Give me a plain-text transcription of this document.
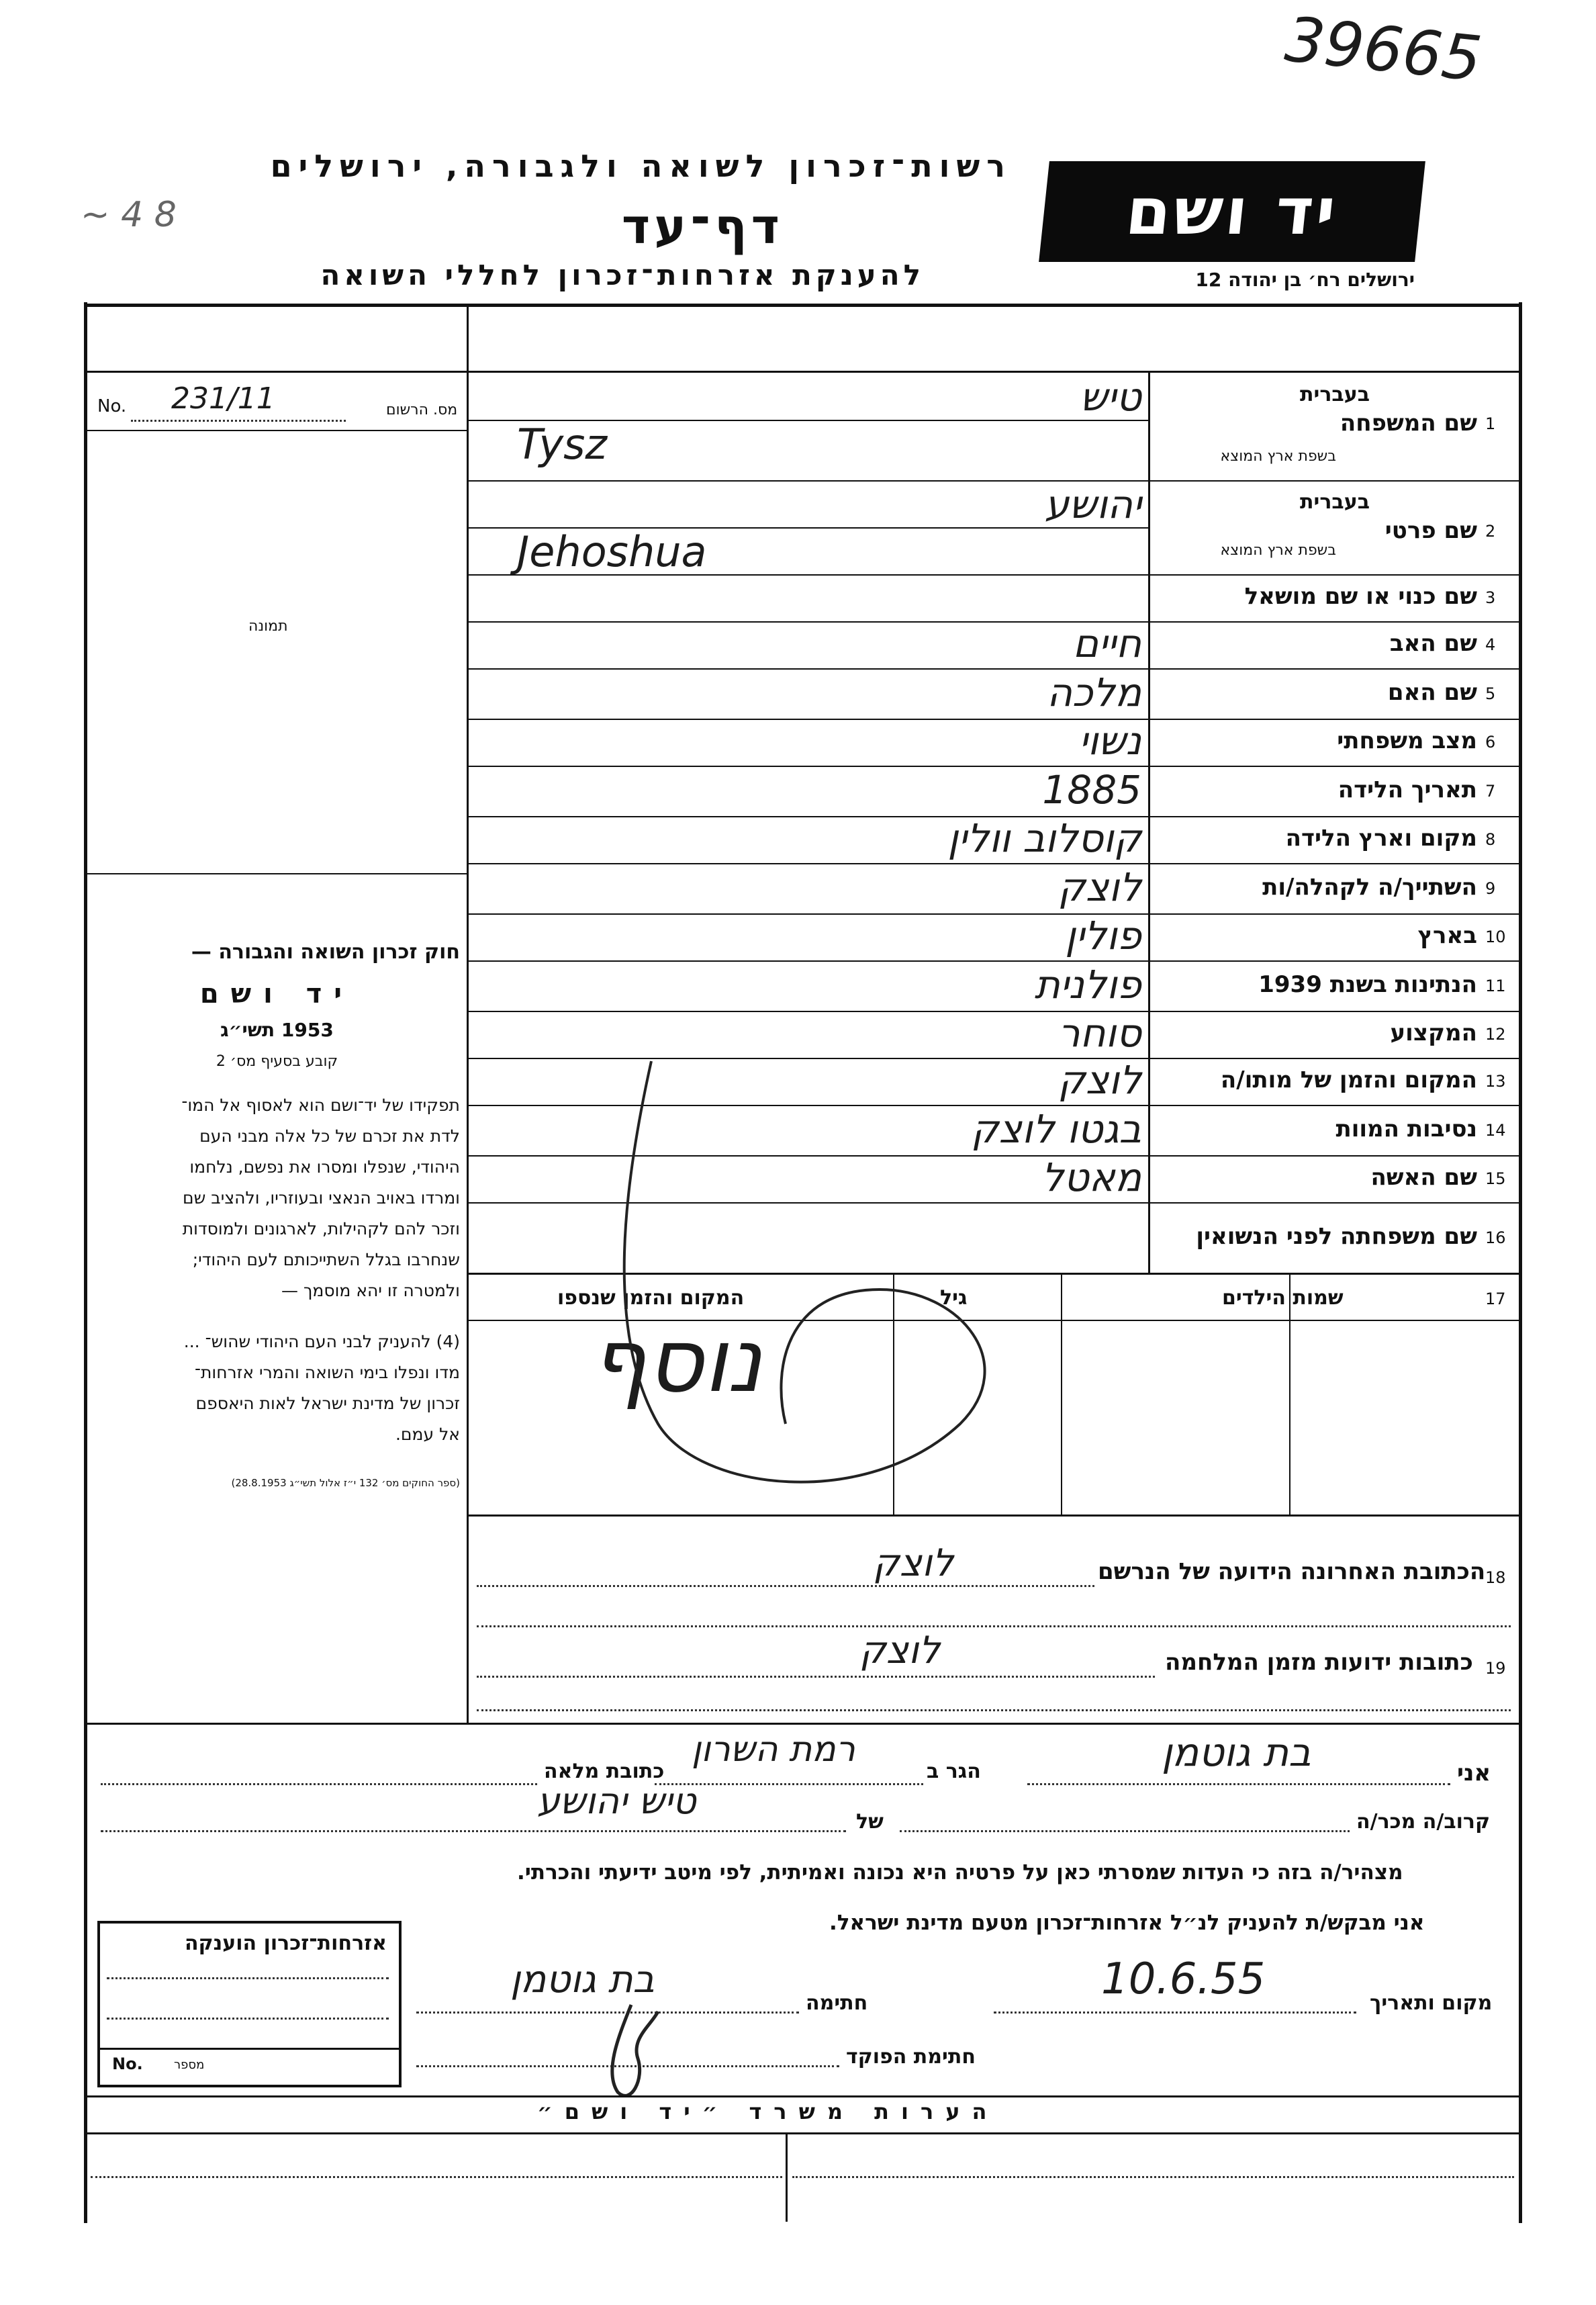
39665
~ 4 8
רשות־זכרון לשואה ולגבורה, ירושלים
דף־עד
להענקת אזרחות־זכרון לחללי השואה
יד ושם
ירושלים רח׳ בן יהודה 12
No. 231/11	מס. הרשום
תמונה
חוק זכרון השואה והגבורה —
יד ושם
1953 תשי״ג
קובע בסעיף מס׳ 2
תפקידו של יד־ושם הוא לאסוף אל המו־
לדת את זכרם של כל אלה מבני העם
היהודי, שנפלו ומסרו את נפשם, נלחמו
ומרדו באויב הנאצי ובעוזריו, ולהציב שם
וזכר להם לקהילות, לארגונים ולמוסדות
שנחרבו בגלל השתייכותם לעם היהודי;
ולמטרה זו יהא מוסמך —
(4) להעניק לבני העם היהודי שהוש־ ...
מדו ונפלו בימי השואה והמרי אזרחות־
זכרון של מדינת ישראל לאות היאספם
אל עמם.
(ספר החוקים מס׳ 132 י״ז אלול תשי״ג 28.8.1953)
1
שם המשפחה
בעברית
בשפת ארץ המוצא
Tysz
טיש
2
שם פרטי
בעברית
בשפת ארץ המוצא
Jehoshua
יהושע
3
שם כנוי או שם מושאל
4
שם האב
חיים
5
שם האם
מלכה
6
מצב משפחתי
נשוי
7
תאריך הלידה
1885
8
מקום וארץ הלידה
קוסלוב וולין
9
השתייך/ה לקהלה/ות
לוצק
10
בארץ
פולין
11
הנתינות בשנת 1939
פולנית
12
המקצוע
סוחר
13
המקום והזמן של מותו/ה
לוצק
14
נסיבות המוות
בגטו לוצק
15
שם האשה
מאטל
16
שם משפחתה לפני הנשואין
17
שמות הילדים
גיל
המקום והזמן שנספו
נוסף
18
הכתובת האחרונה הידועה של הנרשם
לוצק
19
כתובות ידועות מזמן המלחמה
לוצק
אני
בת גוטמן
הגר ב
רמת השרון
כתובת מלאה
קרוב/ה מכר/ה
של
טיש יהושע
מצהיר/ה בזה כי העדות שמסרתי כאן על פרטיה היא נכונה ואמיתית, לפי מיטב ידיעתי והכרתי.
אני מבקש/ת להעניק לנ״ל אזרחות־זכרון מטעם מדינת ישראל.
אזרחות־זכרון הוענקה
No.	מספר
מקום ותאריך
10.6.55
חתימה
בת גוטמן
חתימת הפוקד
הערות משרד ״יד ושם״
